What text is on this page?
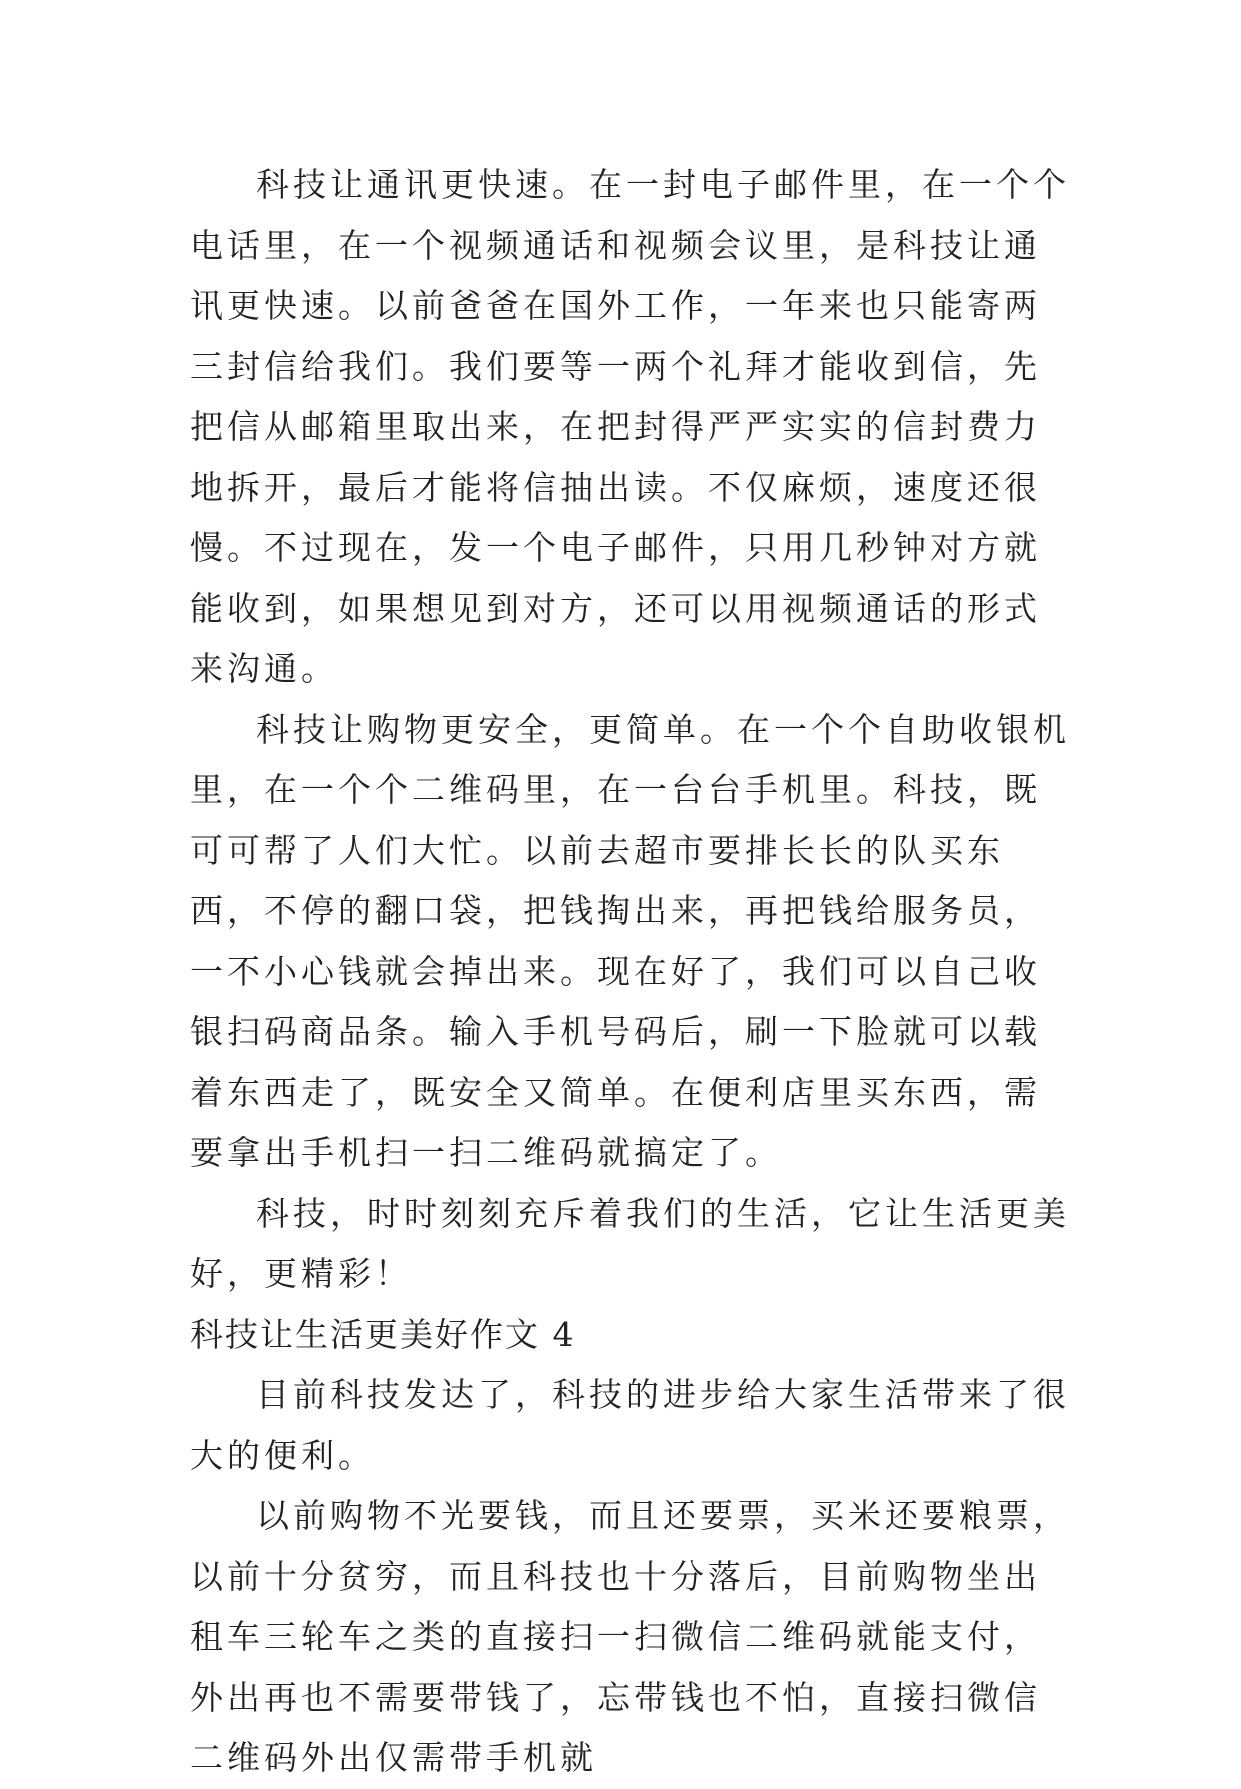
科技让通讯更快速。在一封电子邮件里，在一个个电话里，在一个视频通话和视频会议里，是科技让通讯更快速。以前爸爸在国外工作，一年来也只能寄两三封信给我们。我们要等一两个礼拜才能收到信，先把信从邮箱里取出来，在把封得严严实实的信封费力地拆开，最后才能将信抽出读。不仅麻烦，速度还很慢。不过现在，发一个电子邮件，只用几秒钟对方就能收到，如果想见到对方，还可以用视频通话的形式来沟通。

科技让购物更安全，更简单。在一个个自助收银机里，在一个个二维码里，在一台台手机里。科技，既可可帮了人们大忙。以前去超市要排长长的队买东西，不停的翻口袋，把钱掏出来，再把钱给服务员，一不小心钱就会掉出来。现在好了，我们可以自己收银扫码商品条。输入手机号码后，刷一下脸就可以载着东西走了，既安全又简单。在便利店里买东西，需要拿出手机扫一扫二维码就搞定了。

科技，时时刻刻充斥着我们的生活，它让生活更美好，更精彩！

科技让生活更美好作文 4

目前科技发达了，科技的进步给大家生活带来了很大的便利。

以前购物不光要钱，而且还要票，买米还要粮票，以前十分贫穷，而且科技也十分落后，目前购物坐出租车三轮车之类的直接扫一扫微信二维码就能支付，外出再也不需要带钱了，忘带钱也不怕，直接扫微信二维码外出仅需带手机就
